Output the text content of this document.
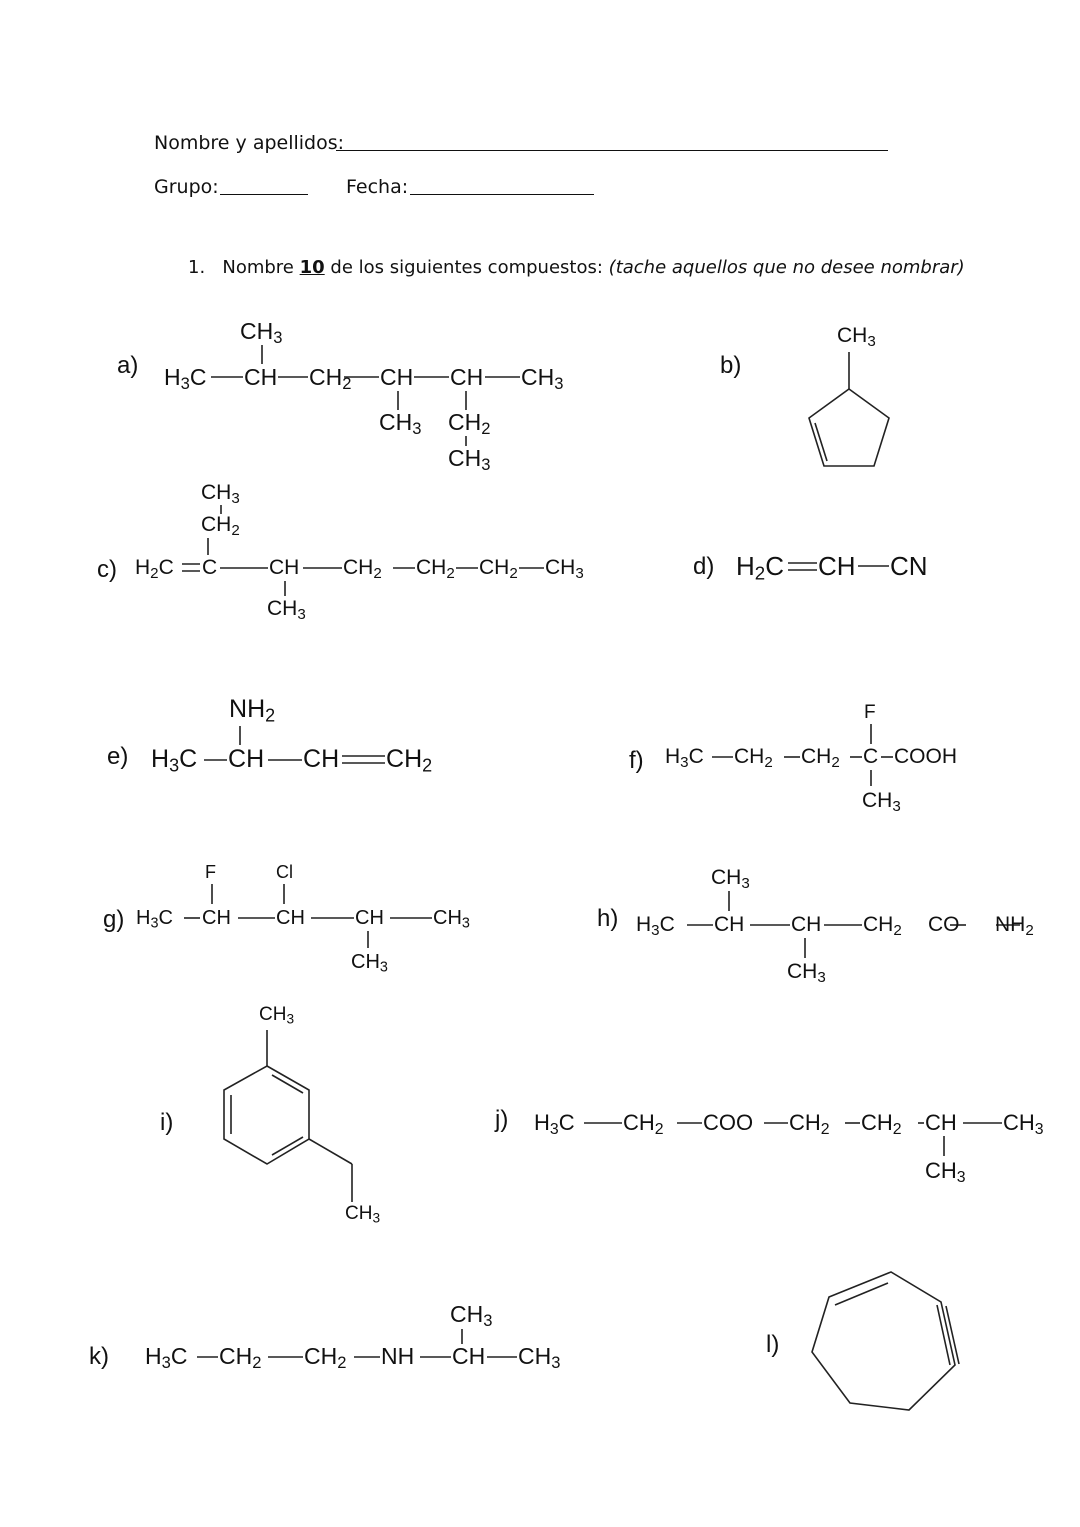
Nombre y apellidos:
Grupo:	Fecha:
1. Nombre 10 de los siguientes compuestos: (tache aquellos que no desee nombrar)
a) $H_3C$ CH $CH_2$ CH CH $CH_3$
$CH_3$
$CH_3$ $CH_2$
$CH_3$
b)
$CH_3$
c) $H_2C$ C CH $CH_2$ $CH_2$ $CH_2$ $CH_3$
$CH_3$
$CH_2$
$CH_3$
d) $H_2C$ CH CN
e) $H_3C$ CH CH $CH_2$
$NH_2$
f) $H_3C$ $CH_2$ $CH_2$ C COOH
F
$CH_3$
g) $H_3C$ CH CH	CH $CH_3$
F	Cl
$CH_3$
h) $H_3C$ CH CH $CH_2$ CO $NH_2$
$CH_3$
$CH_3$
i)
$CH_3$
$CH_3$
j) $H_3C$ $CH_2$ COO $CH_2$ $CH_2$ CH $CH_3$
$CH_3$
k) $H_3C$ $CH_2$ $CH_2$ NH CH $CH_3$
$CH_3$
l)
